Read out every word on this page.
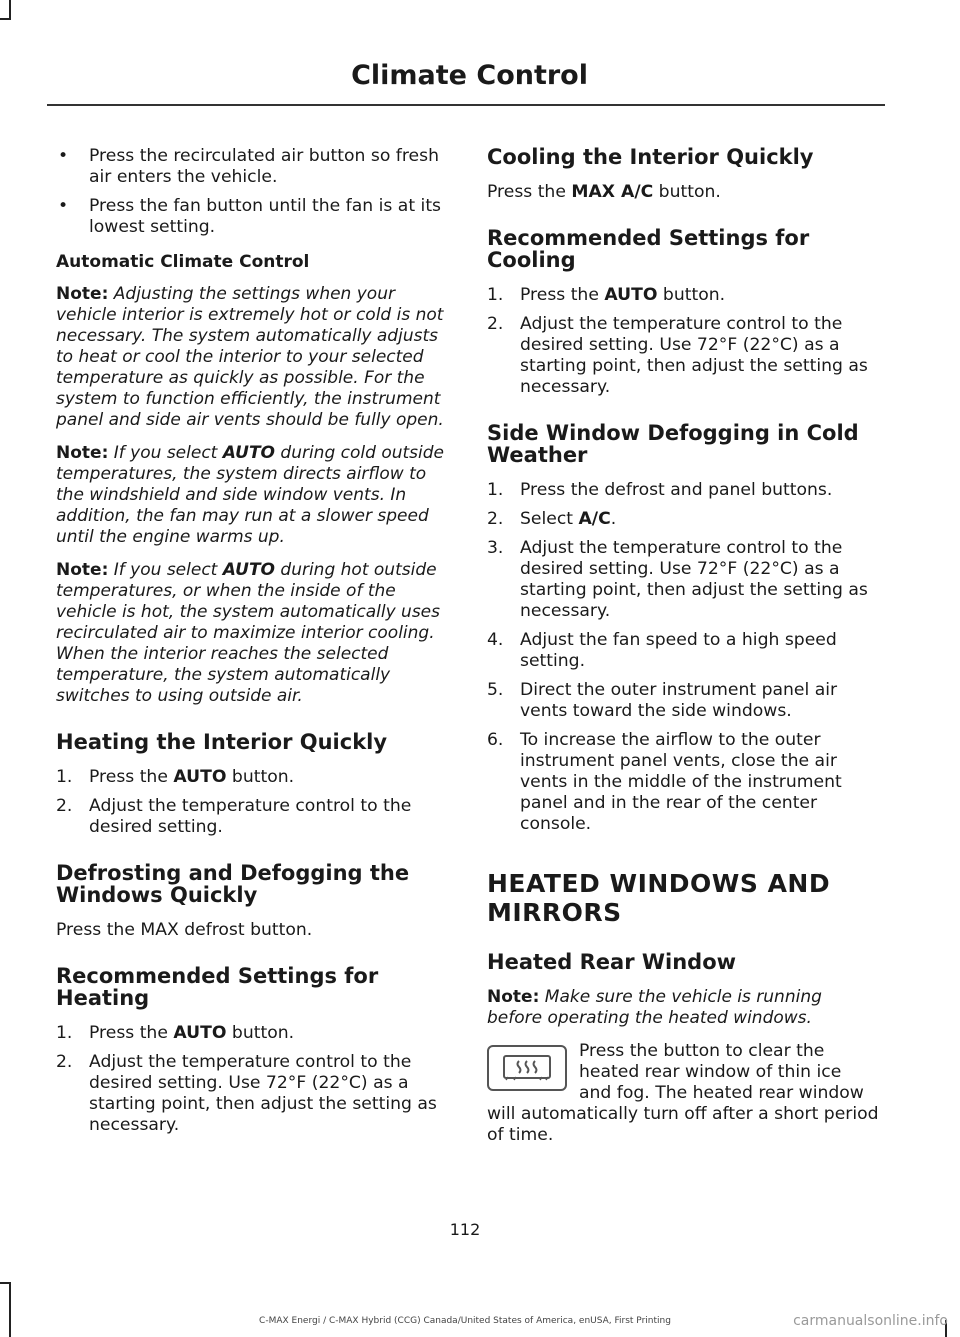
Climate Control
• Press the recirculated air button so fresh air enters the vehicle.
• Press the fan button until the fan is at its lowest setting.

Automatic Climate Control

Note: Adjusting the settings when your vehicle interior is extremely hot or cold is not necessary. The system automatically adjusts to heat or cool the interior to your selected temperature as quickly as possible. For the system to function efficiently, the instrument panel and side air vents should be fully open.

Note: If you select AUTO during cold outside temperatures, the system directs airflow to the windshield and side window vents. In addition, the fan may run at a slower speed until the engine warms up.

Note: If you select AUTO during hot outside temperatures, or when the inside of the vehicle is hot, the system automatically uses recirculated air to maximize interior cooling. When the interior reaches the selected temperature, the system automatically switches to using outside air.

Heating the Interior Quickly

1. Press the AUTO button.
2. Adjust the temperature control to the desired setting.

Defrosting and Defogging the Windows Quickly

Press the MAX defrost button.

Recommended Settings for Heating

1. Press the AUTO button.
2. Adjust the temperature control to the desired setting. Use 72°F (22°C) as a starting point, then adjust the setting as necessary.

Cooling the Interior Quickly

Press the MAX A/C button.

Recommended Settings for Cooling

1. Press the AUTO button.
2. Adjust the temperature control to the desired setting. Use 72°F (22°C) as a starting point, then adjust the setting as necessary.

Side Window Defogging in Cold Weather

1. Press the defrost and panel buttons.
2. Select A/C.
3. Adjust the temperature control to the desired setting. Use 72°F (22°C) as a starting point, then adjust the setting as necessary.
4. Adjust the fan speed to a high speed setting.
5. Direct the outer instrument panel air vents toward the side windows.
6. To increase the airflow to the outer instrument panel vents, close the air vents in the middle of the instrument panel and in the rear of the center console.

HEATED WINDOWS AND

MIRRORS

Heated Rear Window

Note: Make sure the vehicle is running before operating the heated windows.

Press the button to clear the heated rear window of thin ice and fog. The heated rear window will automatically turn off after a short period of time.
112
C-MAX Energi / C-MAX Hybrid (CCG) Canada/United States of America, enUSA, First Printing	carmanualsonline.info
